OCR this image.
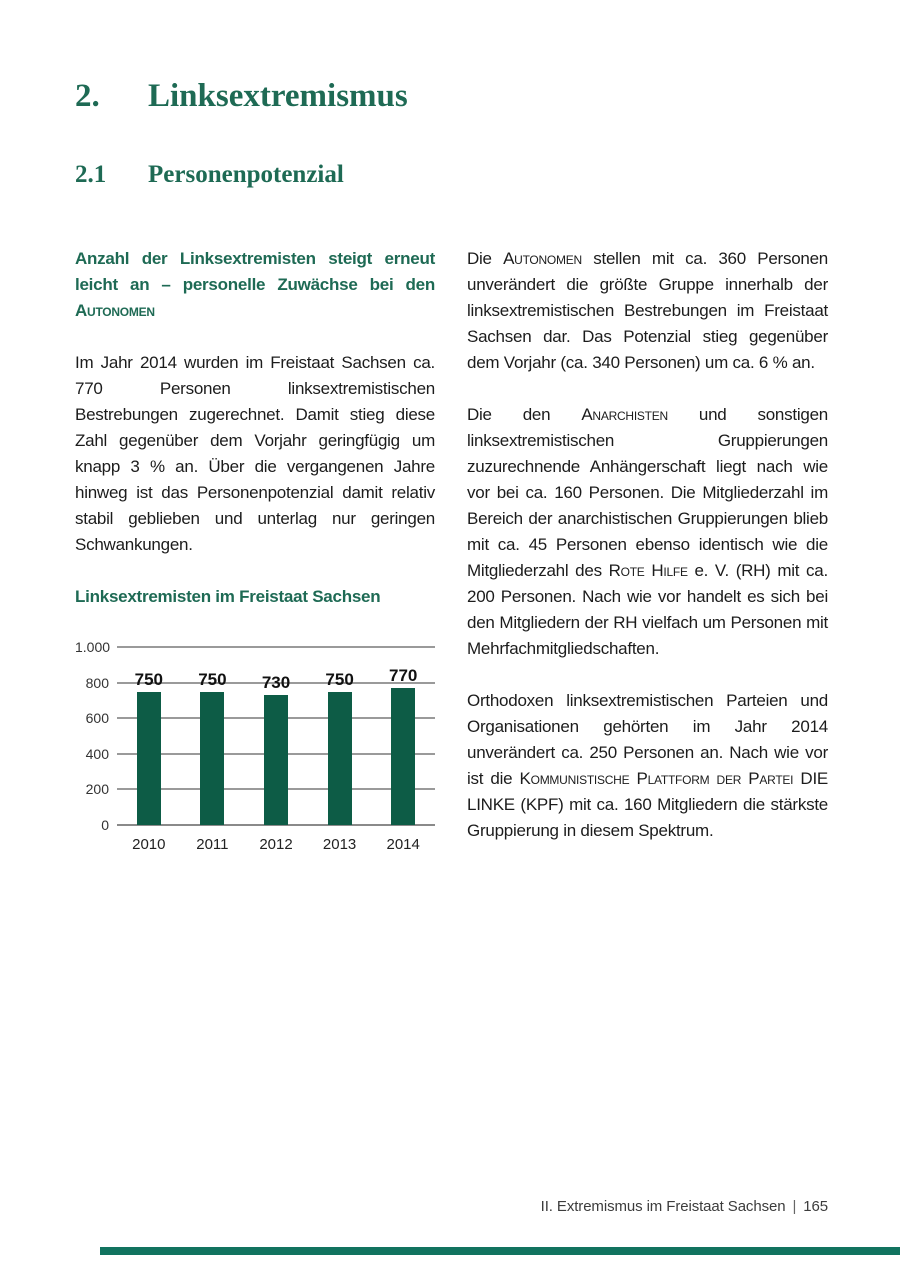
2.	Linksextremismus
2.1	Personenpotenzial

Anzahl der Linksextremisten steigt erneut leicht an – personelle Zuwächse bei den Autonomen

Im Jahr 2014 wurden im Freistaat Sachsen ca. 770 Personen linksextremistischen Bestrebungen zugerechnet. Damit stieg diese Zahl gegenüber dem Vorjahr geringfügig um knapp 3 % an. Über die vergangenen Jahre hinweg ist das Personenpotenzial damit relativ stabil geblieben und unterlag nur geringen Schwankungen.

Linksextremisten im Freistaat Sachsen

0
200
400
600
800
1.000
750
2010
750
2011
730
2012
750
2013
770
2014

Die Autonomen stellen mit ca. 360 Personen unverändert die größte Gruppe innerhalb der linksextremistischen Bestrebungen im Freistaat Sachsen dar. Das Potenzial stieg gegenüber dem Vorjahr (ca. 340 Personen) um ca. 6 % an.

Die den Anarchisten und sonstigen linksextremistischen Gruppierungen zuzurechnende Anhängerschaft liegt nach wie vor bei ca. 160 Personen. Die Mitgliederzahl im Bereich der anarchistischen Gruppierungen blieb mit ca. 45 Personen ebenso identisch wie die Mitgliederzahl des Rote Hilfe e. V. (RH) mit ca. 200 Personen. Nach wie vor handelt es sich bei den Mitgliedern der RH vielfach um Personen mit Mehrfachmitgliedschaften.

Orthodoxen linksextremistischen Parteien und Organisationen gehörten im Jahr 2014 unverändert ca. 250 Personen an. Nach wie vor ist die Kommunistische Plattform der Partei DIE LINKE (KPF) mit ca. 160 Mitgliedern die stärkste Gruppierung in diesem Spektrum.

II. Extremismus im Freistaat Sachsen | 165
